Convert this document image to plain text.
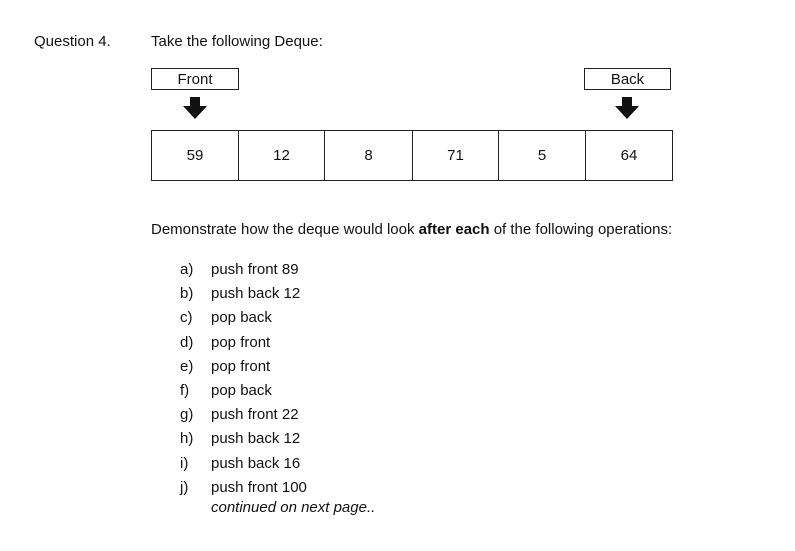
Question 4.	Take the following Deque:
Front	Back
59	12	8	71	5	64
Demonstrate how the deque would look after each of the following operations:
a)	push front 89
b)	push back 12
c)	pop back
d)	pop front
e)	pop front
f)	pop back
g)	push front 22
h)	push back 12
i)	push back 16
j)	push front 100
continued on next page..
